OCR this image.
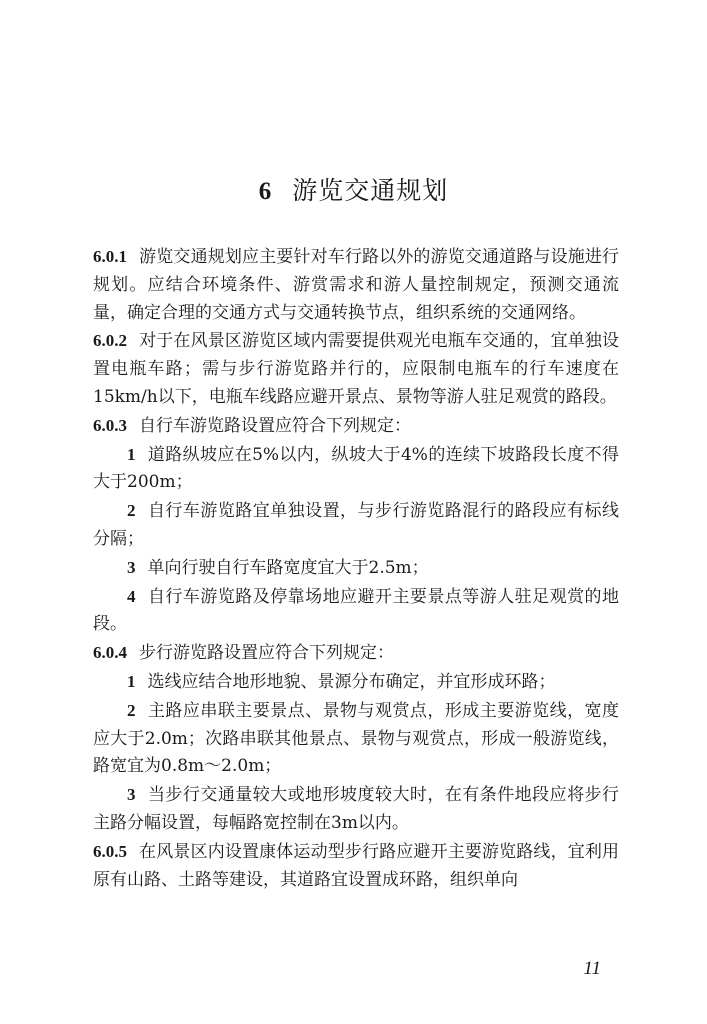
6 游览交通规划

6.0.1 游览交通规划应主要针对车行路以外的游览交通道路与设施进行规划。应结合环境条件、游赏需求和游人量控制规定，预测交通流量，确定合理的交通方式与交通转换节点，组织系统的交通网络。

6.0.2 对于在风景区游览区域内需要提供观光电瓶车交通的，宜单独设置电瓶车路；需与步行游览路并行的，应限制电瓶车的行车速度在15km/h以下，电瓶车线路应避开景点、景物等游人驻足观赏的路段。

6.0.3 自行车游览路设置应符合下列规定：

1 道路纵坡应在5%以内，纵坡大于4%的连续下坡路段长度不得大于200m；

2 自行车游览路宜单独设置，与步行游览路混行的路段应有标线分隔；

3 单向行驶自行车路宽度宜大于2.5m；

4 自行车游览路及停靠场地应避开主要景点等游人驻足观赏的地段。

6.0.4 步行游览路设置应符合下列规定：

1 选线应结合地形地貌、景源分布确定，并宜形成环路；

2 主路应串联主要景点、景物与观赏点，形成主要游览线，宽度应大于2.0m；次路串联其他景点、景物与观赏点，形成一般游览线，路宽宜为0.8m～2.0m；

3 当步行交通量较大或地形坡度较大时，在有条件地段应将步行主路分幅设置，每幅路宽控制在3m以内。

6.0.5 在风景区内设置康体运动型步行路应避开主要游览路线，宜利用原有山路、土路等建设，其道路宜设置成环路，组织单向

11
